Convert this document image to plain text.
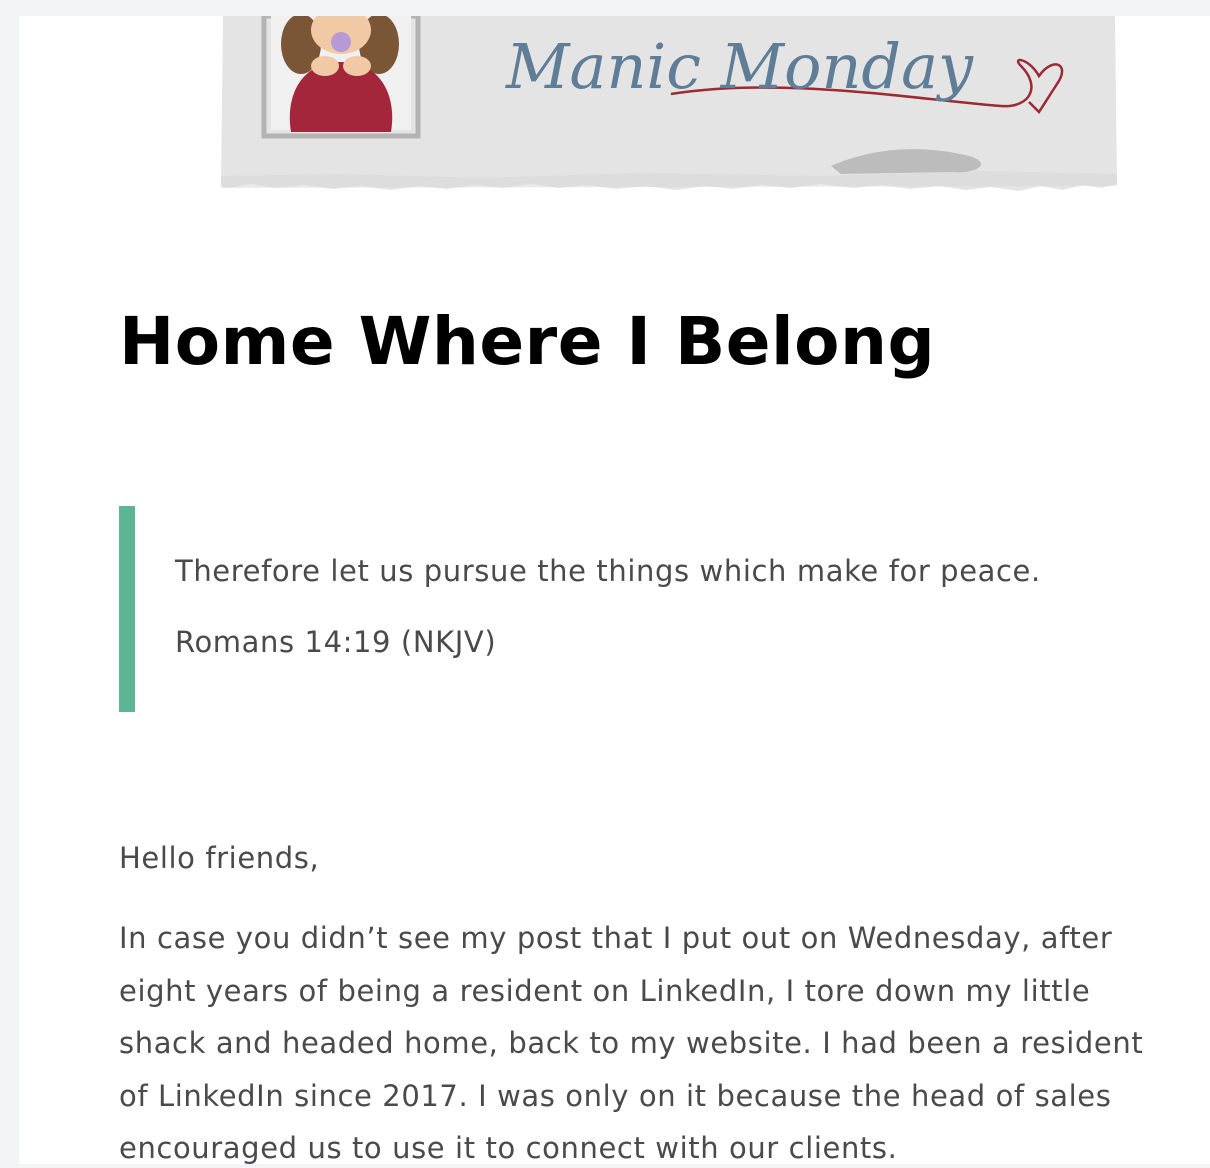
Manic Monday
Home Where I Belong

Therefore let us pursue the things which make for peace.

Romans 14:19 (NKJV)

Hello friends,

In case you didn’t see my post that I put out on Wednesday, after eight years of being a resident on LinkedIn, I tore down my little shack and headed home, back to my website. I had been a resident of LinkedIn since 2017. I was only on it because the head of sales encouraged us to use it to connect with our clients.
